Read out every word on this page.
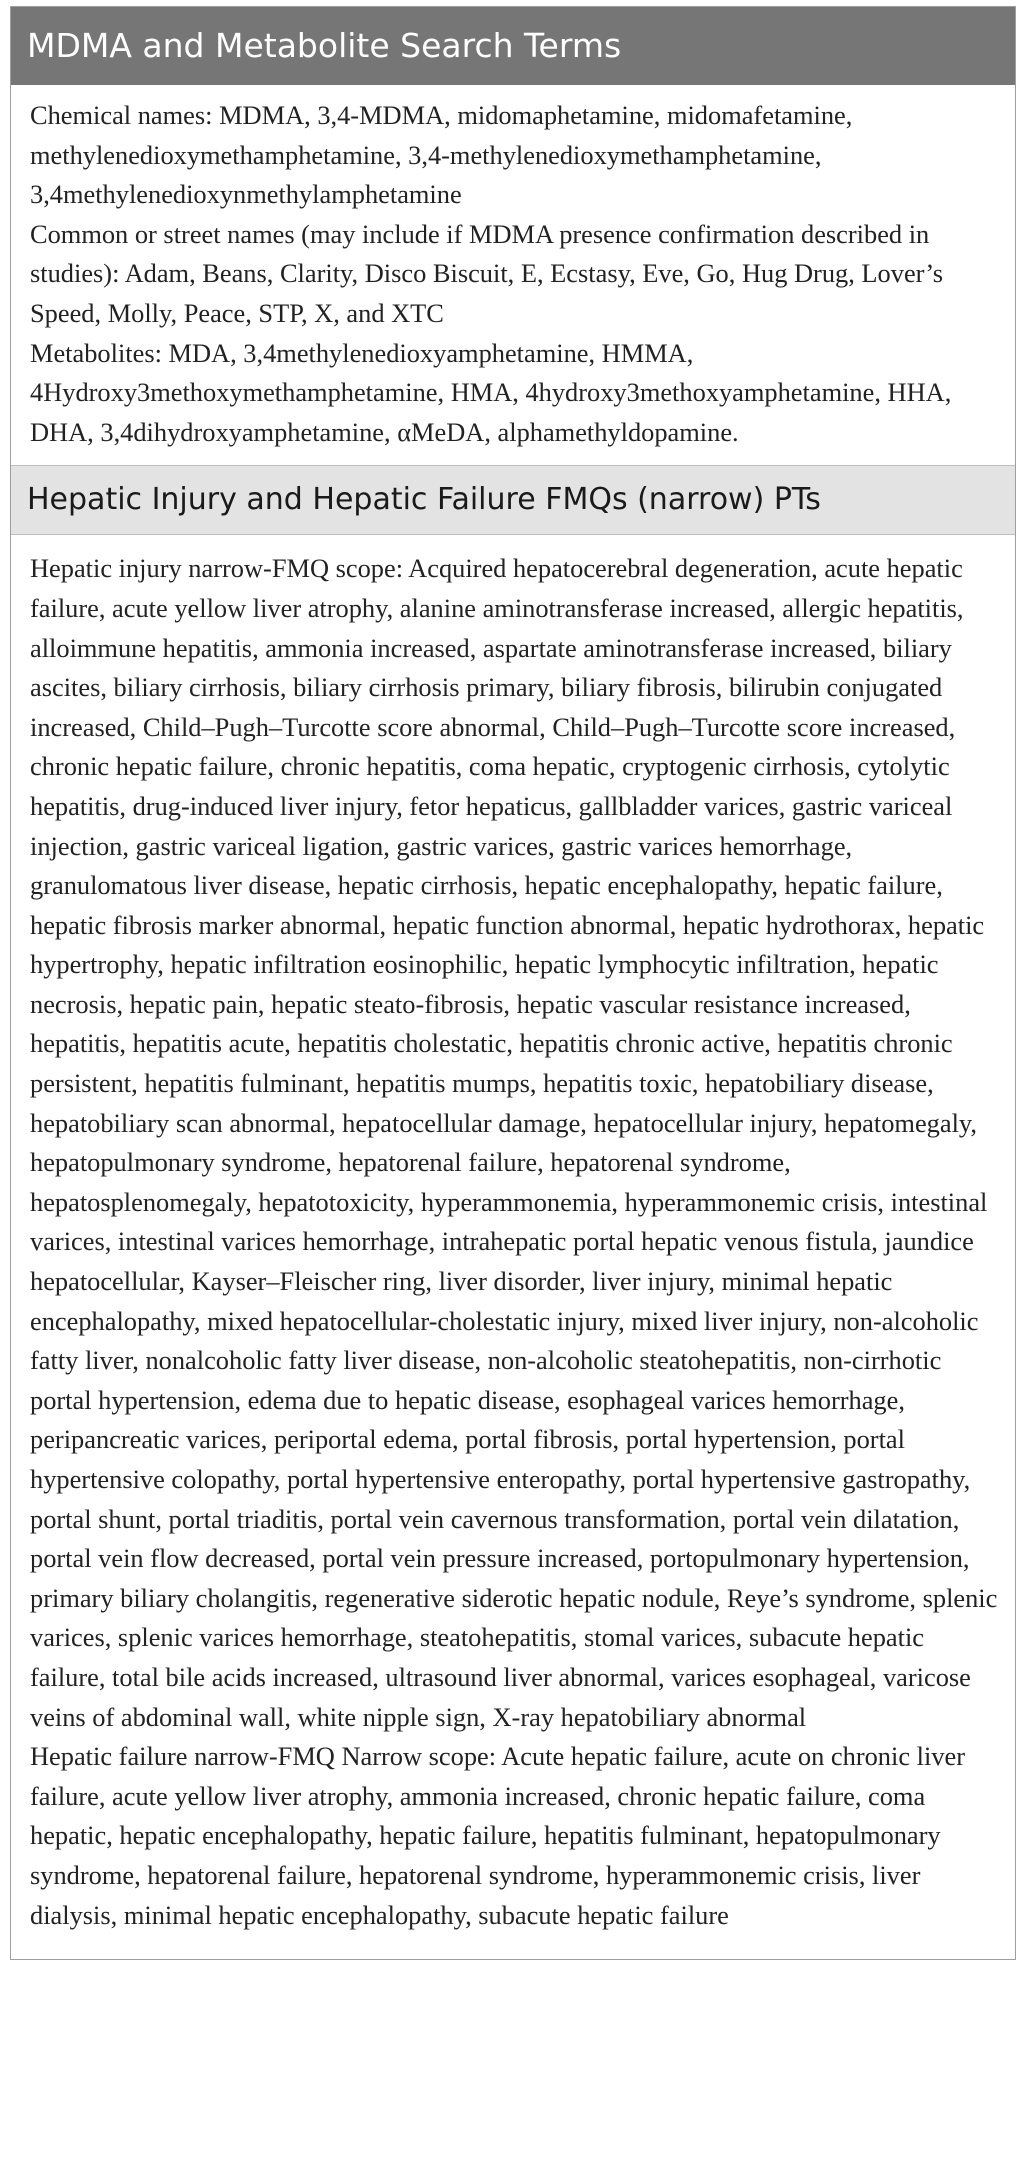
MDMA and Metabolite Search Terms

Chemical names: MDMA, 3,4-MDMA, midomaphetamine, midomafetamine, methylenedioxymethamphetamine, 3,4-methylenedioxymethamphetamine, 3,4methylenedioxynmethylamphetamine

Common or street names (may include if MDMA presence confirmation described in studies): Adam, Beans, Clarity, Disco Biscuit, E, Ecstasy, Eve, Go, Hug Drug, Lover’s Speed, Molly, Peace, STP, X, and XTC

Metabolites: MDA, 3,4methylenedioxyamphetamine, HMMA, 4Hydroxy3methoxymethamphetamine, HMA, 4hydroxy3methoxyamphetamine, HHA, DHA, 3,4dihydroxyamphetamine, αMeDA, alphamethyldopamine.

Hepatic Injury and Hepatic Failure FMQs (narrow) PTs

Hepatic injury narrow-FMQ scope: Acquired hepatocerebral degeneration, acute hepatic failure, acute yellow liver atrophy, alanine aminotransferase increased, allergic hepatitis, alloimmune hepatitis, ammonia increased, aspartate aminotransferase increased, biliary ascites, biliary cirrhosis, biliary cirrhosis primary, biliary fibrosis, bilirubin conjugated increased, Child–Pugh–Turcotte score abnormal, Child–Pugh–Turcotte score increased, chronic hepatic failure, chronic hepatitis, coma hepatic, cryptogenic cirrhosis, cytolytic hepatitis, drug-induced liver injury, fetor hepaticus, gallbladder varices, gastric variceal injection, gastric variceal ligation, gastric varices, gastric varices hemorrhage, granulomatous liver disease, hepatic cirrhosis, hepatic encephalopathy, hepatic failure, hepatic fibrosis marker abnormal, hepatic function abnormal, hepatic hydrothorax, hepatic hypertrophy, hepatic infiltration eosinophilic, hepatic lymphocytic infiltration, hepatic necrosis, hepatic pain, hepatic steato-fibrosis, hepatic vascular resistance increased, hepatitis, hepatitis acute, hepatitis cholestatic, hepatitis chronic active, hepatitis chronic persistent, hepatitis fulminant, hepatitis mumps, hepatitis toxic, hepatobiliary disease, hepatobiliary scan abnormal, hepatocellular damage, hepatocellular injury, hepatomegaly, hepatopulmonary syndrome, hepatorenal failure, hepatorenal syndrome, hepatosplenomegaly, hepatotoxicity, hyperammonemia, hyperammonemic crisis, intestinal varices, intestinal varices hemorrhage, intrahepatic portal hepatic venous fistula, jaundice hepatocellular, Kayser–Fleischer ring, liver disorder, liver injury, minimal hepatic encephalopathy, mixed hepatocellular-cholestatic injury, mixed liver injury, non-alcoholic fatty liver, nonalcoholic fatty liver disease, non-alcoholic steatohepatitis, non-cirrhotic portal hypertension, edema due to hepatic disease, esophageal varices hemorrhage, peripancreatic varices, periportal edema, portal fibrosis, portal hypertension, portal hypertensive colopathy, portal hypertensive enteropathy, portal hypertensive gastropathy, portal shunt, portal triaditis, portal vein cavernous transformation, portal vein dilatation, portal vein flow decreased, portal vein pressure increased, portopulmonary hypertension, primary biliary cholangitis, regenerative siderotic hepatic nodule, Reye’s syndrome, splenic varices, splenic varices hemorrhage, steatohepatitis, stomal varices, subacute hepatic failure, total bile acids increased, ultrasound liver abnormal, varices esophageal, varicose veins of abdominal wall, white nipple sign, X-ray hepatobiliary abnormal

Hepatic failure narrow-FMQ Narrow scope: Acute hepatic failure, acute on chronic liver failure, acute yellow liver atrophy, ammonia increased, chronic hepatic failure, coma hepatic, hepatic encephalopathy, hepatic failure, hepatitis fulminant, hepatopulmonary syndrome, hepatorenal failure, hepatorenal syndrome, hyperammonemic crisis, liver dialysis, minimal hepatic encephalopathy, subacute hepatic failure
